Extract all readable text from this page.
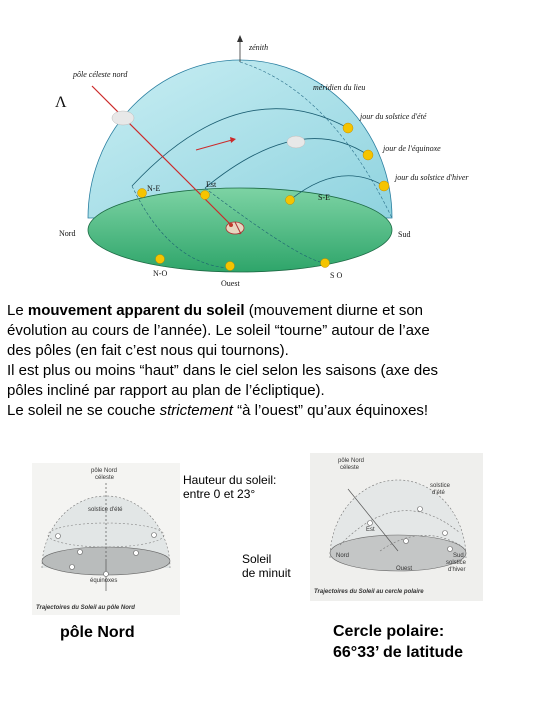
zénith
pôle céleste nord
méridien du lieu
Λ
jour du solstice d'été
jour de l'équinoxe
jour du solstice d'hiver
N-E	Est
S-E
Nord	Sud
N-O
Ouest
S O

Le mouvement apparent du soleil (mouvement diurne et son

évolution au cours de l’année). Le soleil “tourne” autour de l’axe

des pôles (en fait c’est nous qui tournons).

Il est plus ou moins “haut” dans le ciel selon les saisons (axe des

pôles incliné par rapport au plan de l’écliptique).

Le soleil ne se couche strictement “à l’ouest” qu’aux équinoxes!

pôle Nord
céleste
solstice d'été
équinoxes
Trajectoires du Soleil au pôle Nord
pôle Nord
céleste
solstice
d'été
Est
Nord	Sud
Ouest
solstice
d'hiver
Trajectoires du Soleil au cercle polaire
Hauteur du soleil:
entre 0 et 23°
Soleil
de minuit
pôle Nord	Cercle polaire:
66°33’ de latitude
